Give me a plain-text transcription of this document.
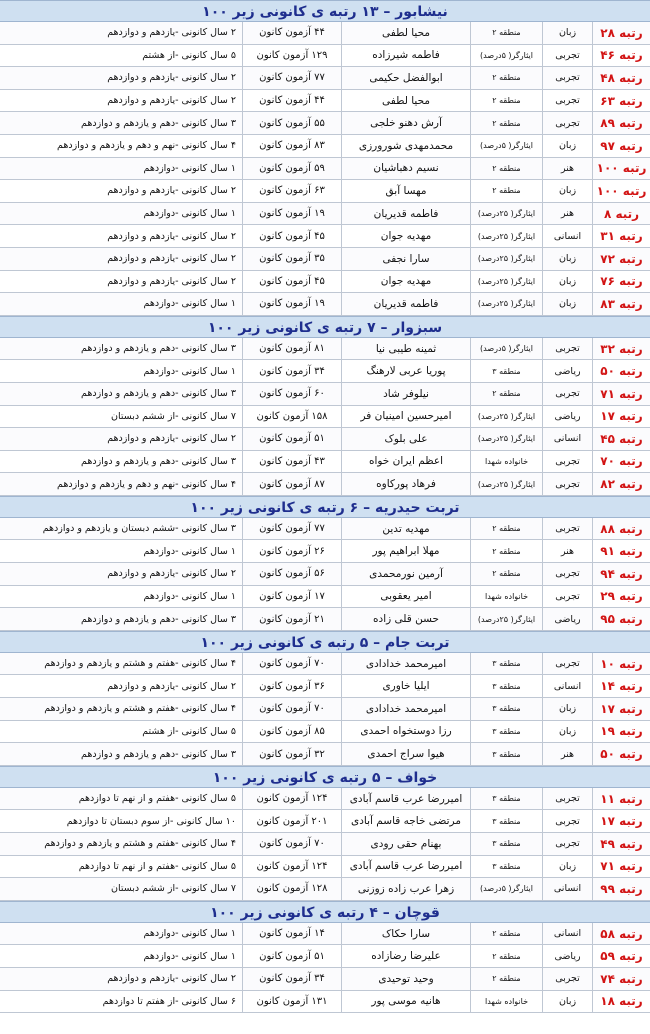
نیشابور – ۱۳ رتبه ی کانونی زیر ۱۰۰
رتبه ۲۸
زبان
منطقه ۲
محیا لطفی
۴۴ آزمون کانون
۲ سال کانونی -یازدهم و دوازدهم
رتبه ۴۶
تجربی
ایثارگر( ۵درصد)
فاطمه شیرزاده
۱۲۹ آزمون کانون
۵ سال کانونی -از هشتم
رتبه ۴۸
تجربی
منطقه ۲
ابوالفضل حکیمی
۷۷ آزمون کانون
۲ سال کانونی -یازدهم و دوازدهم
رتبه ۶۳
تجربی
منطقه ۲
محیا لطفی
۴۴ آزمون کانون
۲ سال کانونی -یازدهم و دوازدهم
رتبه ۸۹
تجربی
منطقه ۲
آرش دهنو خلجی
۵۵ آزمون کانون
۳ سال کانونی -دهم و یازدهم و دوازدهم
رتبه ۹۷
زبان
ایثارگر( ۵درصد)
محمدمهدی شورورزی
۸۳ آزمون کانون
۴ سال کانونی -نهم و دهم و یازدهم و دوازدهم
رتبه ۱۰۰
هنر
منطقه ۲
نسیم دهباشیان
۵۹ آزمون کانون
۱ سال کانونی -دوازدهم
رتبه ۱۰۰
زبان
منطقه ۲
مهسا آبق
۶۳ آزمون کانون
۲ سال کانونی -یازدهم و دوازدهم
رتبه ۸
هنر
ایثارگر( ۲۵درصد)
فاطمه قدیریان
۱۹ آزمون کانون
۱ سال کانونی -دوازدهم
رتبه ۳۱
انسانی
ایثارگر( ۲۵درصد)
مهدیه جوان
۴۵ آزمون کانون
۲ سال کانونی -یازدهم و دوازدهم
رتبه ۷۲
زبان
ایثارگر( ۲۵درصد)
سارا نجفی
۳۵ آزمون کانون
۲ سال کانونی -یازدهم و دوازدهم
رتبه ۷۶
زبان
ایثارگر( ۲۵درصد)
مهدیه جوان
۴۵ آزمون کانون
۲ سال کانونی -یازدهم و دوازدهم
رتبه ۸۳
زبان
ایثارگر( ۲۵درصد)
فاطمه قدیریان
۱۹ آزمون کانون
۱ سال کانونی -دوازدهم
سبزوار – ۷ رتبه ی کانونی زیر ۱۰۰
رتبه ۳۲
تجربی
ایثارگر( ۵درصد)
ثمینه طیبی نیا
۸۱ آزمون کانون
۳ سال کانونی -دهم و یازدهم و دوازدهم
رتبه ۵۰
ریاضی
منطقه ۳
پوریا عربی لارهنگ
۳۴ آزمون کانون
۱ سال کانونی -دوازدهم
رتبه ۷۱
تجربی
منطقه ۲
نیلوفر شاد
۶۰ آزمون کانون
۳ سال کانونی -دهم و یازدهم و دوازدهم
رتبه ۱۷
ریاضی
ایثارگر( ۲۵درصد)
امیرحسین امینیان فر
۱۵۸ آزمون کانون
۷ سال کانونی -از ششم دبستان
رتبه ۴۵
انسانی
ایثارگر( ۲۵درصد)
علی بلوک
۵۱ آزمون کانون
۲ سال کانونی -یازدهم و دوازدهم
رتبه ۷۰
تجربی
خانواده شهدا
اعظم ایران خواه
۴۳ آزمون کانون
۳ سال کانونی -دهم و یازدهم و دوازدهم
رتبه ۸۲
تجربی
ایثارگر( ۲۵درصد)
فرهاد پورکاوه
۸۷ آزمون کانون
۴ سال کانونی -نهم و دهم و یازدهم و دوازدهم
تربت حیدریه – ۶ رتبه ی کانونی زیر ۱۰۰
رتبه ۸۸
تجربی
منطقه ۲
مهدیه تدین
۷۷ آزمون کانون
۳ سال کانونی -ششم دبستان و یازدهم و دوازدهم
رتبه ۹۱
هنر
منطقه ۲
مهلا ابراهیم پور
۲۶ آزمون کانون
۱ سال کانونی -دوازدهم
رتبه ۹۴
تجربی
منطقه ۲
آرمین نورمحمدی
۵۶ آزمون کانون
۲ سال کانونی -یازدهم و دوازدهم
رتبه ۲۹
تجربی
خانواده شهدا
امیر یعقوبی
۱۷ آزمون کانون
۱ سال کانونی -دوازدهم
رتبه ۹۵
ریاضی
ایثارگر( ۲۵درصد)
حسن قلی زاده
۲۱ آزمون کانون
۳ سال کانونی -دهم و یازدهم و دوازدهم
تربت جام – ۵ رتبه ی کانونی زیر ۱۰۰
رتبه ۱۰
تجربی
منطقه ۳
امیرمحمد خدادادی
۷۰ آزمون کانون
۴ سال کانونی -هفتم و هشتم و یازدهم و دوازدهم
رتبه ۱۴
انسانی
منطقه ۳
ایلیا خاوری
۳۶ آزمون کانون
۲ سال کانونی -یازدهم و دوازدهم
رتبه ۱۷
زبان
منطقه ۳
امیرمحمد خدادادی
۷۰ آزمون کانون
۴ سال کانونی -هفتم و هشتم و یازدهم و دوازدهم
رتبه ۱۹
زبان
منطقه ۳
رزا دوستخواه احمدی
۸۵ آزمون کانون
۵ سال کانونی -از هشتم
رتبه ۵۰
هنر
منطقه ۳
هیوا سراج احمدی
۳۲ آزمون کانون
۳ سال کانونی -دهم و یازدهم و دوازدهم
خواف – ۵ رتبه ی کانونی زیر ۱۰۰
رتبه ۱۱
تجربی
منطقه ۳
امیررضا عرب قاسم آبادی
۱۲۴ آزمون کانون
۵ سال کانونی -هفتم و از نهم تا دوازدهم
رتبه ۱۷
تجربی
منطقه ۳
مرتضی خاجه قاسم آبادی
۲۰۱ آزمون کانون
۱۰ سال کانونی -از سوم دبستان تا دوازدهم
رتبه ۴۹
تجربی
منطقه ۳
بهنام حقی رودی
۷۰ آزمون کانون
۴ سال کانونی -هفتم و هشتم و یازدهم و دوازدهم
رتبه ۷۱
زبان
منطقه ۳
امیررضا عرب قاسم آبادی
۱۲۴ آزمون کانون
۵ سال کانونی -هفتم و از نهم تا دوازدهم
رتبه ۹۹
انسانی
ایثارگر( ۵درصد)
زهرا عرب زاده زوزنی
۱۲۸ آزمون کانون
۷ سال کانونی -از ششم دبستان
قوچان – ۴ رتبه ی کانونی زیر ۱۰۰
رتبه ۵۸
انسانی
منطقه ۲
سارا حکاک
۱۴ آزمون کانون
۱ سال کانونی -دوازدهم
رتبه ۵۹
ریاضی
منطقه ۲
علیرضا رضازاده
۵۱ آزمون کانون
۱ سال کانونی -دوازدهم
رتبه ۷۴
تجربی
منطقه ۲
وحید توحیدی
۳۴ آزمون کانون
۲ سال کانونی -یازدهم و دوازدهم
رتبه ۱۸
زبان
خانواده شهدا
هانیه موسی پور
۱۳۱ آزمون کانون
۶ سال کانونی -از هفتم تا دوازدهم
